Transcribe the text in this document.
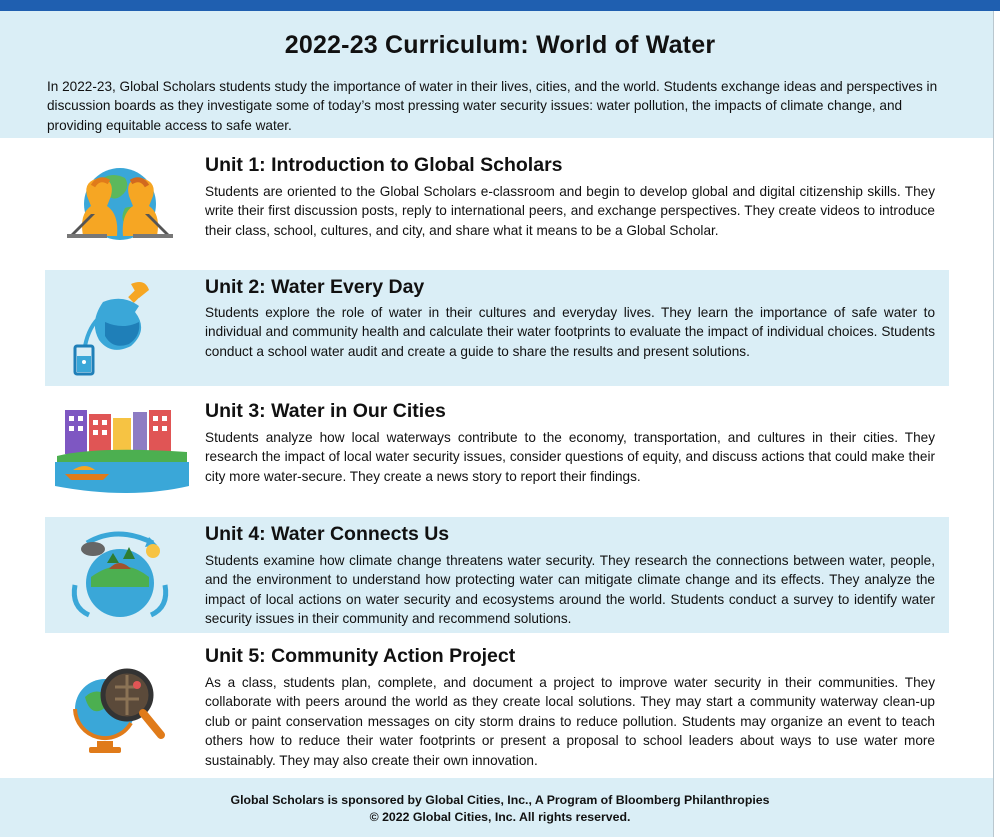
2022-23 Curriculum: World of Water

In 2022-23, Global Scholars students study the importance of water in their lives, cities, and the world. Students exchange ideas and perspectives in discussion boards as they investigate some of today’s most pressing water security issues: water pollution, the impacts of climate change, and providing equitable access to safe water.

Unit 1: Introduction to Global Scholars

Students are oriented to the Global Scholars e-classroom and begin to develop global and digital citizenship skills. They write their first discussion posts, reply to international peers, and exchange perspectives. They create videos to introduce their class, school, cultures, and city, and share what it means to be a Global Scholar.

Unit 2: Water Every Day

Students explore the role of water in their cultures and everyday lives. They learn the importance of safe water to individual and community health and calculate their water footprints to evaluate the impact of individual choices. Students conduct a school water audit and create a guide to share the results and present solutions.

Unit 3: Water in Our Cities

Students analyze how local waterways contribute to the economy, transportation, and cultures in their cities. They research the impact of local water security issues, consider questions of equity, and discuss actions that could make their city more water-secure. They create a news story to report their findings.

Unit 4: Water Connects Us

Students examine how climate change threatens water security. They research the connections between water, people, and the environment to understand how protecting water can mitigate climate change and its effects. They analyze the impact of local actions on water security and ecosystems around the world. Students conduct a survey to identify water security issues in their community and recommend solutions.

Unit 5: Community Action Project

As a class, students plan, complete, and document a project to improve water security in their communities. They collaborate with peers around the world as they create local solutions. They may start a community waterway clean-up club or paint conservation messages on city storm drains to reduce pollution. Students may organize an event to teach others how to reduce their water footprints or present a proposal to school leaders about ways to use water more sustainably. They may also create their own innovation.

Global Scholars is sponsored by Global Cities, Inc., A Program of Bloomberg Philanthropies

© 2022 Global Cities, Inc. All rights reserved.
